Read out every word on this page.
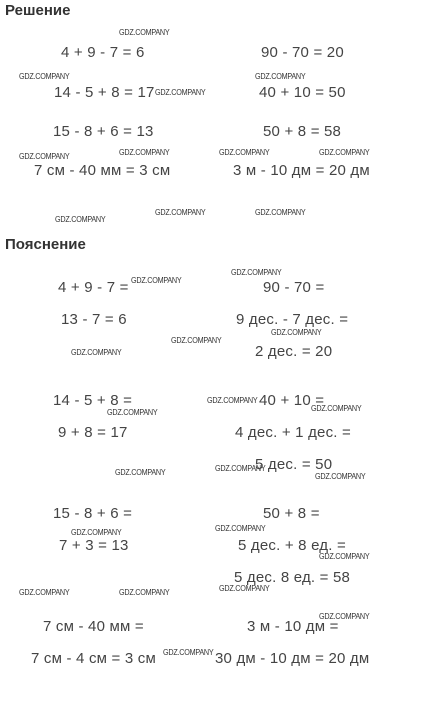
Решение
4 + 9 - 7 = 6
14 - 5 + 8 = 17
15 - 8 + 6 = 13
7 см - 40 мм = 3 см
90 - 70 = 20
40 + 10 = 50
50 + 8 = 58
3 м - 10 дм = 20 дм
Пояснение
4 + 9 - 7 =
13 - 7 = 6
90 - 70 =
9 дес. - 7 дес. =
2 дес. = 20
14 - 5 + 8 =
9 + 8 = 17
40 + 10 =
4 дес. + 1 дес. =
5 дес. = 50
15 - 8 + 6 =
7 + 3 = 13
50 + 8 =
5 дес. + 8 ед. =
5 дес. 8 ед. = 58
7 см - 40 мм =
7 см - 4 см = 3 см
3 м - 10 дм =
30 дм - 10 дм = 20 дм
GDZ.COMPANY
GDZ.COMPANY	GDZ.COMPANY
GDZ.COMPANY
GDZ.COMPANY	GDZ.COMPANY	GDZ.COMPANY	GDZ.COMPANY
GDZ.COMPANY
GDZ.COMPANY	GDZ.COMPANY
GDZ.COMPANY
GDZ.COMPANY
GDZ.COMPANY
GDZ.COMPANY
GDZ.COMPANY
GDZ.COMPANY
GDZ.COMPANY
GDZ.COMPANY
GDZ.COMPANY	GDZ.COMPANY
GDZ.COMPANY
GDZ.COMPANY
GDZ.COMPANY
GDZ.COMPANY
GDZ.COMPANY	GDZ.COMPANY	GDZ.COMPANY
GDZ.COMPANY
GDZ.COMPANY
